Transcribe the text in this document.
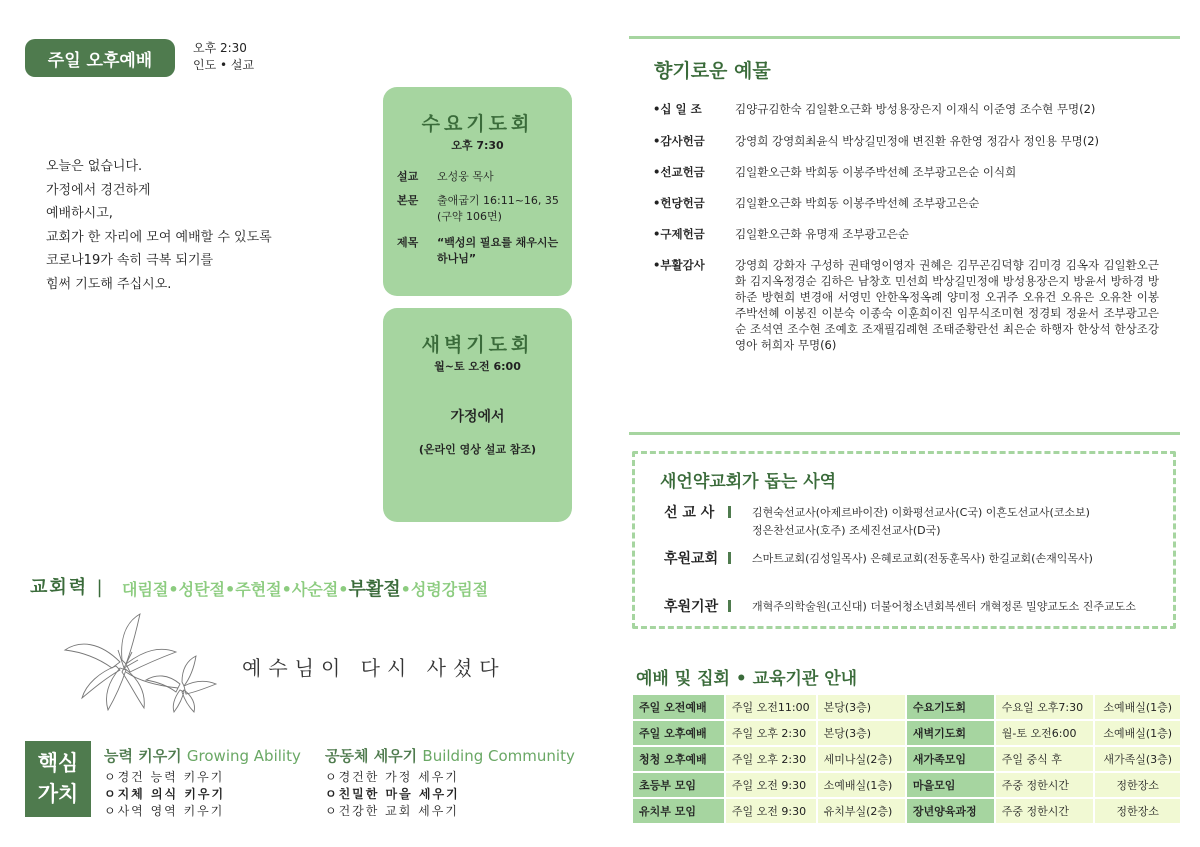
주일 오후예배
오후 2:30
인도 • 설교
오늘은 없습니다.
가정에서 경건하게
예배하시고,
교회가 한 자리에 모여 예배할 수 있도록
코로나19가 속히 극복 되기를
힘써 기도해 주십시오.
수요기도회
오후 7:30
설교	오성웅 목사
본문	출애굽기 16:11~16, 35
(구약 106면)
제목	“백성의 필요를 채우시는
하나님”
새벽기도회
월~토 오전 6:00
가정에서
(온라인 영상 설교 참조)
교회력 | 대림절•성탄절•주현절•사순절•부활절•성령강림절
예수님이 다시 사셨다
핵심
가치
능력 키우기 Growing Ability
ㅇ경건 능력 키우기
ㅇ지체 의식 키우기
ㅇ사역 영역 키우기
공동체 세우기 Building Community
ㅇ경건한 가정 세우기
ㅇ친밀한 마을 세우기
ㅇ건강한 교회 세우기
향기로운 예물
•십 일 조	김양규김한숙 김일환오근화 방성용장은지 이재식 이준영 조수현 무명(2)
•감사헌금	강영희 강영희최윤식 박상길민정애 변진환 유한영 정감사 정인용 무명(2)
•선교헌금	김일환오근화 박희동 이봉주박선혜 조부광고은순 이식희
•헌당헌금	김일환오근화 박희동 이봉주박선혜 조부광고은순
•구제헌금	김일환오근화 유명재 조부광고은순
•부활감사	강영희 강화자 구성하 권태영이영자 권혜은 김무곤김덕향 김미경 김옥자 김일환오근화 김지옥정경순 김하은 남창호 민선희 박상길민정애 방성용장은지 방윤서 방하경 방하준 방현희 변경애 서영민 안한옥정옥례 양미정 오귀주 오유건 오유은 오유찬 이봉주박선혜 이봉진 이분숙 이종숙 이훈희이진 임무식조미현 정경퇴 정윤서 조부광고은순 조석연 조수현 조예호 조재필김례현 조태준황란선 최은순 하행자 한상석 한상조강영아 허희자 무명(6)
새언약교회가 돕는 사역
선 교 사	김현숙선교사(아제르바이잔) 이화평선교사(C국) 이흔도선교사(코소보)
정은찬선교사(호주) 조세진선교사(D국)
후원교회	스마트교회(김성일목사) 은혜로교회(전동훈목사) 한길교회(손재익목사)
후원기관	개혁주의학술원(고신대) 더불어청소년회복센터 개혁정론 밀양교도소 진주교도소
예배 및 집회 • 교육기관 안내
주일 오전예배	주일 오전11:00	본당(3층)	수요기도회	수요일 오후7:30	소예배실(1층)
주일 오후예배	주일 오후 2:30	본당(3층)	새벽기도회	월-토 오전6:00	소예배실(1층)
청청 오후예배	주일 오후 2:30	세미나실(2층)	새가족모임	주일 중식 후	새가족실(3층)
초등부 모임	주일 오전 9:30	소예배실(1층)	마을모임	주중 정한시간	정한장소
유치부 모임	주일 오전 9:30	유치부실(2층)	장년양육과정	주중 정한시간	정한장소
